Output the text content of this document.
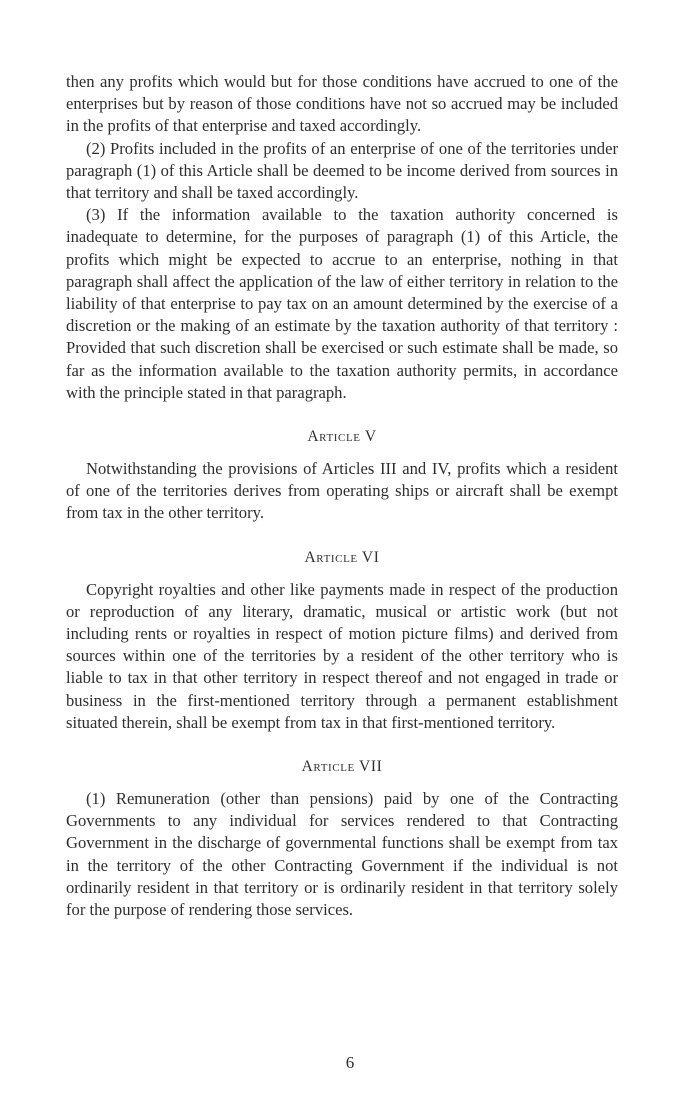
then any profits which would but for those conditions have accrued to one of the enterprises but by reason of those conditions have not so accrued may be included in the profits of that enterprise and taxed accordingly.

(2) Profits included in the profits of an enterprise of one of the territories under paragraph (1) of this Article shall be deemed to be income derived from sources in that territory and shall be taxed accordingly.

(3) If the information available to the taxation authority concerned is inadequate to determine, for the purposes of paragraph (1) of this Article, the profits which might be expected to accrue to an enterprise, nothing in that paragraph shall affect the application of the law of either territory in relation to the liability of that enterprise to pay tax on an amount determined by the exercise of a discretion or the making of an estimate by the taxation authority of that territory : Provided that such discretion shall be exercised or such estimate shall be made, so far as the information available to the taxation authority permits, in accordance with the principle stated in that paragraph.

Article V

Notwithstanding the provisions of Articles III and IV, profits which a resident of one of the territories derives from operating ships or aircraft shall be exempt from tax in the other territory.

Article VI

Copyright royalties and other like payments made in respect of the production or reproduction of any literary, dramatic, musical or artistic work (but not including rents or royalties in respect of motion picture films) and derived from sources within one of the territories by a resident of the other territory who is liable to tax in that other territory in respect thereof and not engaged in trade or business in the first-mentioned territory through a permanent establishment situated therein, shall be exempt from tax in that first-mentioned territory.

Article VII

(1) Remuneration (other than pensions) paid by one of the Contracting Governments to any individual for services rendered to that Contracting Government in the discharge of governmental functions shall be exempt from tax in the territory of the other Contracting Government if the individual is not ordinarily resident in that territory or is ordinarily resident in that territory solely for the purpose of rendering those services.

6
